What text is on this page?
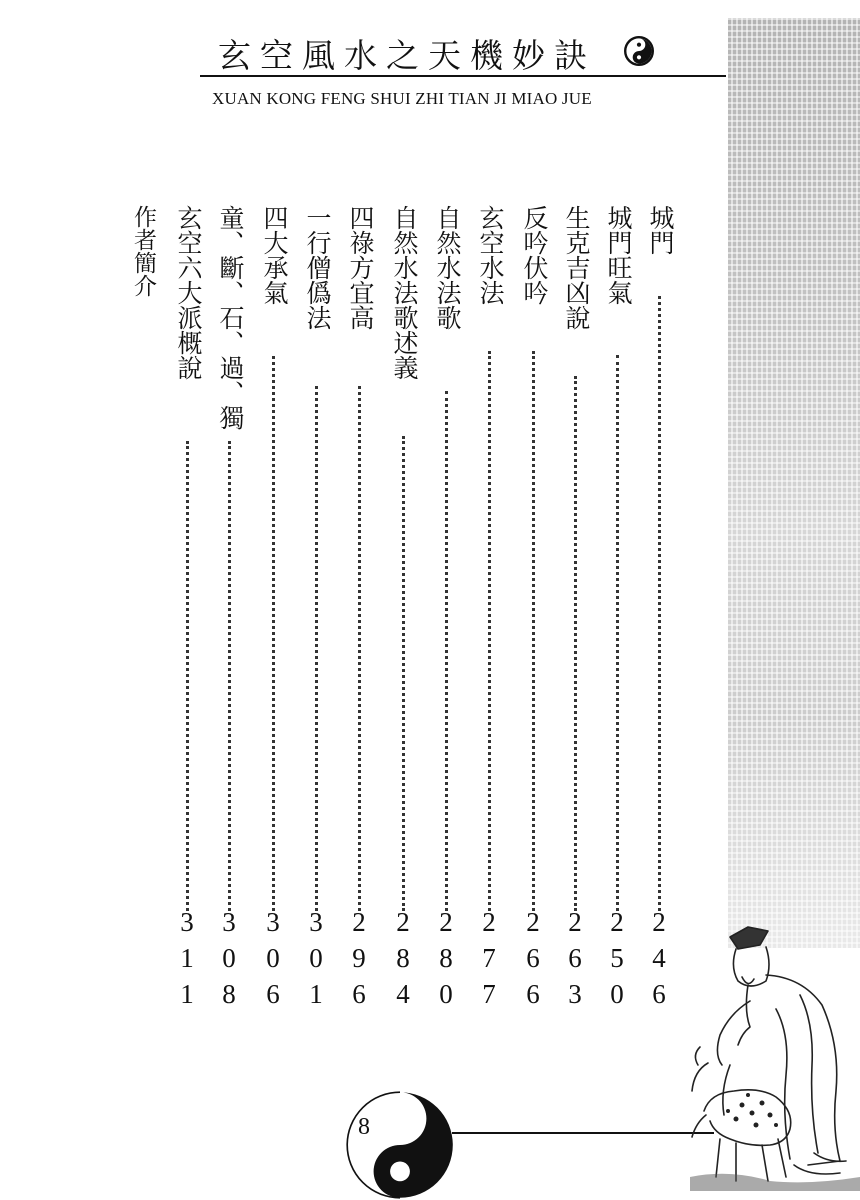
玄空風水之天機妙訣
XUAN KONG FENG SHUI ZHI TIAN JI MIAO JUE
城門
246
城門旺氣
250
生克吉凶說
263
反吟伏吟
266
玄空水法
277
自然水法歌
280
自然水法歌述義
284
四祿方宜高
296
一行僧僞法
301
四大承氣
306
童、斷、石、過、獨
308
玄空六大派概說
311
作者簡介
8
